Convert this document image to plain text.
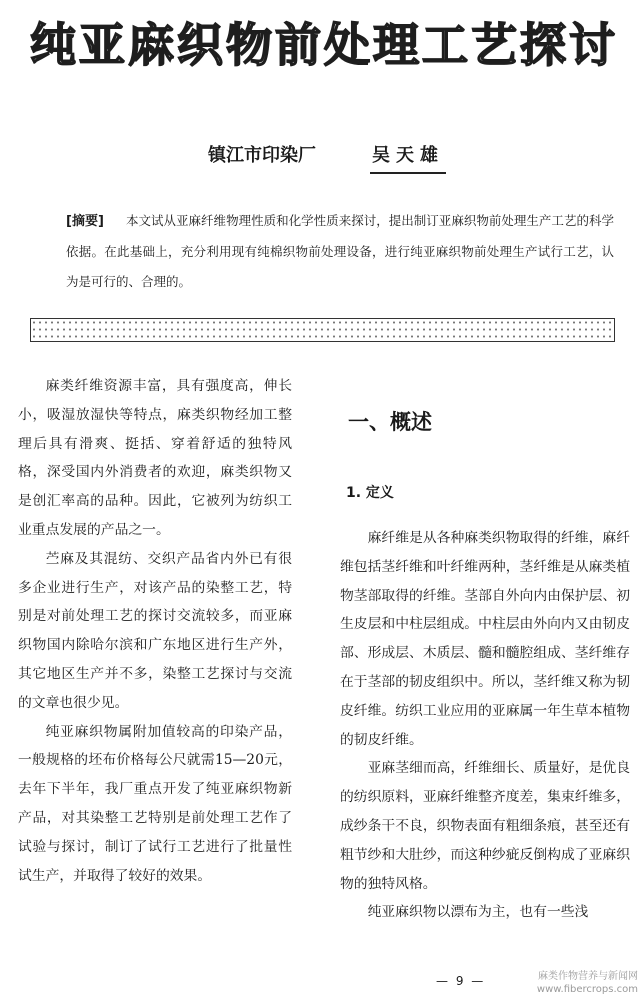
纯亚麻织物前处理工艺探讨
镇江市印染厂	吴天雄
[摘要] 本文试从亚麻纤维物理性质和化学性质来探讨，提出制订亚麻织物前处理生产工艺的科学依据。在此基础上，充分利用现有纯棉织物前处理设备，进行纯亚麻织物前处理生产试行工艺，认为是可行的、合理的。

麻类纤维资源丰富，具有强度高，伸长小，吸湿放湿快等特点，麻类织物经加工整理后具有滑爽、挺括、穿着舒适的独特风格，深受国内外消费者的欢迎，麻类织物又是创汇率高的品种。因此，它被列为纺织工业重点发展的产品之一。

苎麻及其混纺、交织产品省内外已有很多企业进行生产，对该产品的染整工艺，特别是对前处理工艺的探讨交流较多，而亚麻织物国内除哈尔滨和广东地区进行生产外，其它地区生产并不多，染整工艺探讨与交流的文章也很少见。

纯亚麻织物属附加值较高的印染产品，一般规格的坯布价格每公尺就需15—20元，去年下半年，我厂重点开发了纯亚麻织物新产品，对其染整工艺特别是前处理工艺作了试验与探讨，制订了试行工艺进行了批量性试生产，并取得了较好的效果。

一、概述
1. 定义

麻纤维是从各种麻类织物取得的纤维，麻纤维包括茎纤维和叶纤维两种，茎纤维是从麻类植物茎部取得的纤维。茎部自外向内由保护层、初生皮层和中柱层组成。中柱层由外向内又由韧皮部、形成层、木质层、髓和髓腔组成、茎纤维存在于茎部的韧皮组织中。所以，茎纤维又称为韧皮纤维。纺织工业应用的亚麻属一年生草本植物的韧皮纤维。

亚麻茎细而高，纤维细长、质量好，是优良的纺织原料，亚麻纤维整齐度差，集束纤维多，成纱条干不良，织物表面有粗细条痕，甚至还有粗节纱和大肚纱，而这种纱疵反倒构成了亚麻织物的独特风格。

纯亚麻织物以漂布为主，也有一些浅

— 9 —	麻类作物营养与新闻网
www.fibercrops.com
